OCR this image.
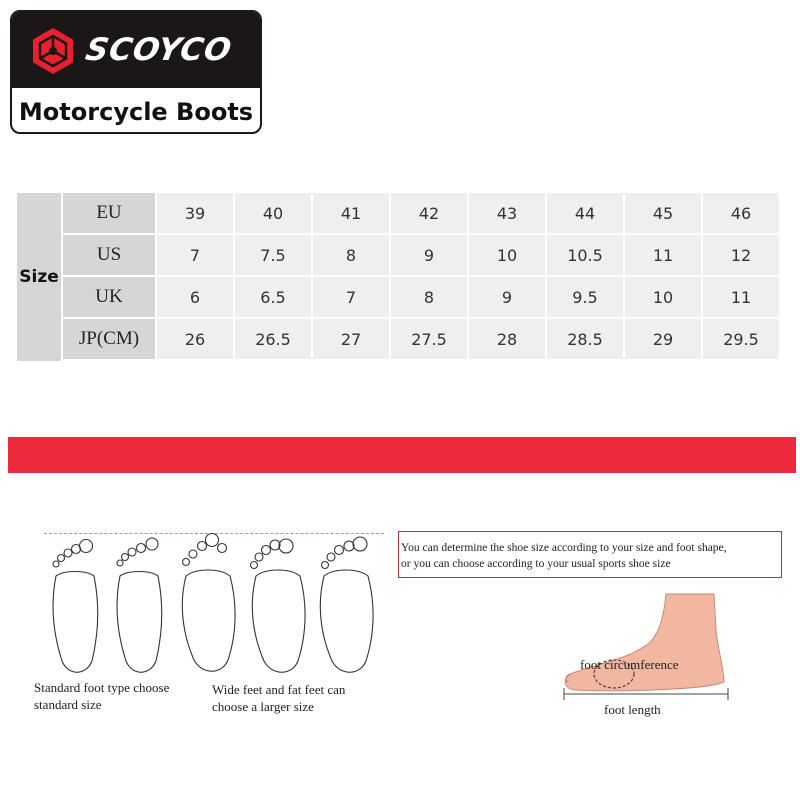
SCOYCO
Motorcycle Boots
Size
EU	39	40	41	42	43	44	45	46
US	7	7.5	8	9	10	10.5	11	12
UK	6	6.5	7	8	9	9.5	10	11
JP(CM)	26	26.5	27	27.5	28	28.5	29	29.5
Standard foot type choose
standard size
Wide feet and fat feet can
choose a larger size

You can determine the shoe size according to your size and foot shape,

or you can choose according to your usual sports shoe size

foot circumference
foot length
